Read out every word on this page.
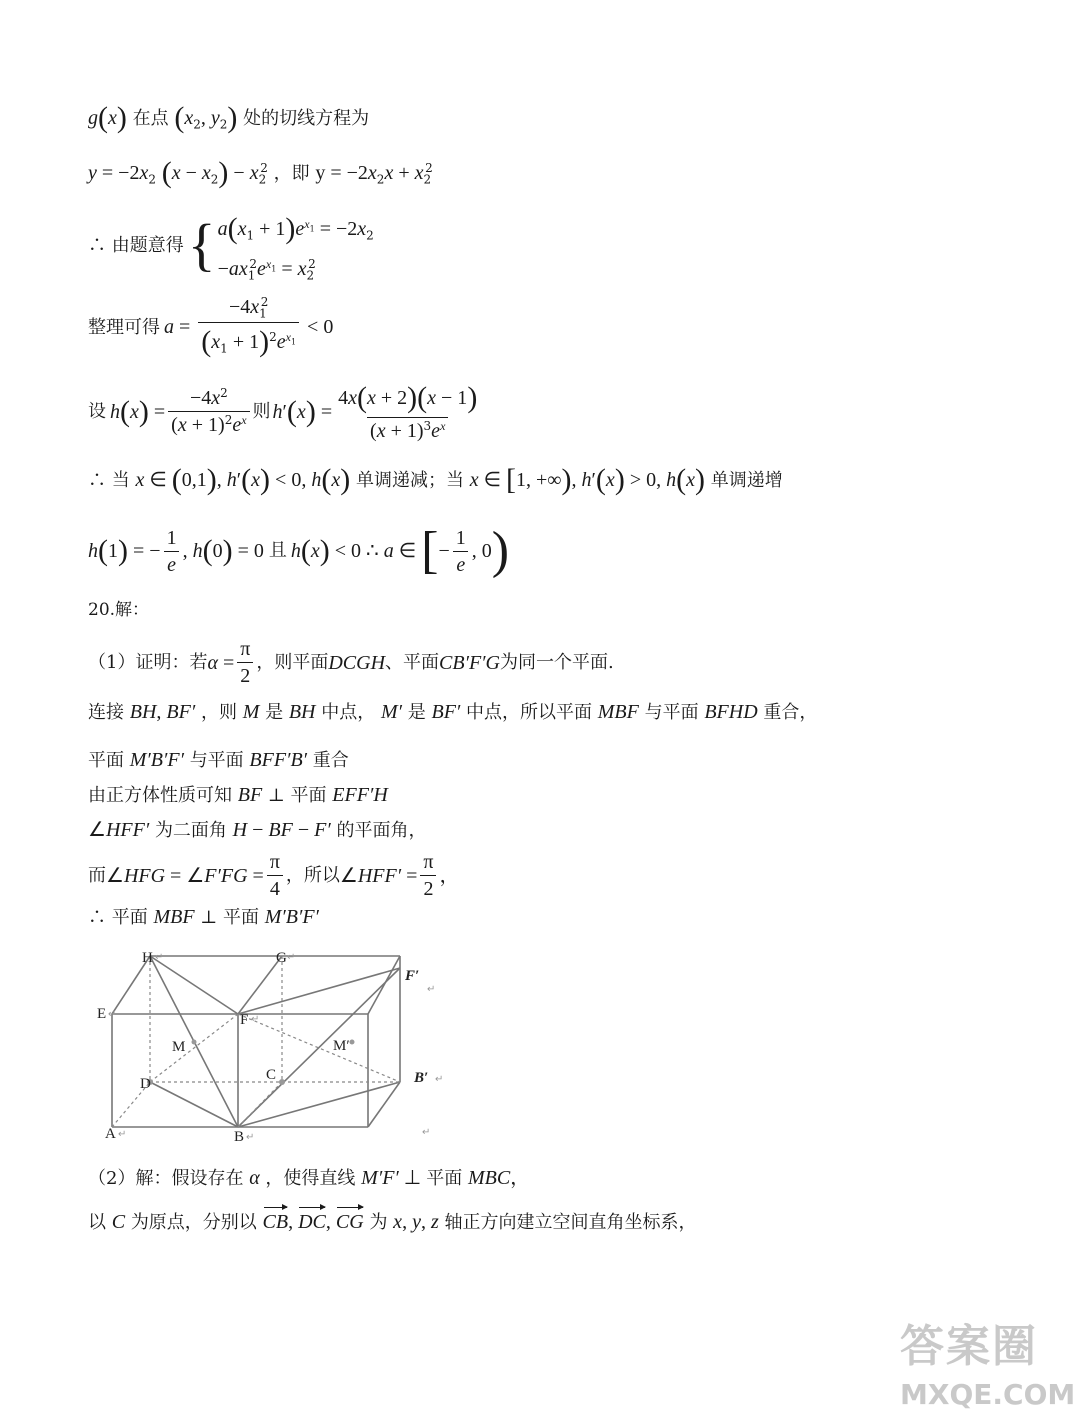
g(x) 在点 ($x_2$, $y_2$) 处的切线方程为
$y = -2x_2$ $(x - x_2) - x_2^2$ ，即 $y = -2x_2x + x_2^2$
∴ 由题意得 { $a(x_1 + 1)e^{x_1} = -2x_2$
$-ax_1^2e^{x_1} = x_2^2$
整理可得 $a = \frac{-4x_1^2}{(x_1 + 1)^2e^{x_1}} < 0$
设 h ( x ) = $\frac{-4x^2}{(x + 1)^2e^x}$ 则 h ′ ( x ) = $\frac{4x(x + 2)(x - 1)}{(x + 1)^3e^x}$
∴ 当 x ∈ (0,1), h′(x) < 0, h(x) 单调递减；当 x ∈ [1, +∞), h′(x) > 0, h(x) 单调递增
h ( 1 ) = − $\frac{1}{e}$ , h ( 0 ) = 0 且 h ( x ) < 0 ∴ a ∈ [ − $\frac{1}{e}$ , 0 )
20.解：
（1）证明：若 $\alpha = \frac{\pi}{2}$ ，则平面 DCGH 、平面 CB′F′G 为同一个平面.
连接 BH, BF′ ，则 M 是 BH 中点， M′ 是 BF′ 中点，所以平面 MBF 与平面 BFHD 重合，
平面 M′B′F′ 与平面 BFF′B′ 重合
由正方体性质可知 BF ⊥ 平面 EFF′H
∠HFF′ 为二面角 H − BF − F′ 的平面角，
而 ∠ HFG = ∠ $F'FG = \frac{\pi}{4}$ ，所以 ∠ $HFF' = \frac{\pi}{2}$ ，
∴ 平面 MBF ⊥ 平面 M′B′F′
H	G
F′
E	F
M	M′
C
D	B′
A	B
↵	↵
↵
↵	↵
↵
↵	↵	↵
（2）解：假设存在 α ，使得直线 M′F′ ⊥ 平面 MBC，
以 C 为原点，分别以 CB, DC, CG 为 x, y, z 轴正方向建立空间直角坐标系，
答案圈
MXQE.COM
